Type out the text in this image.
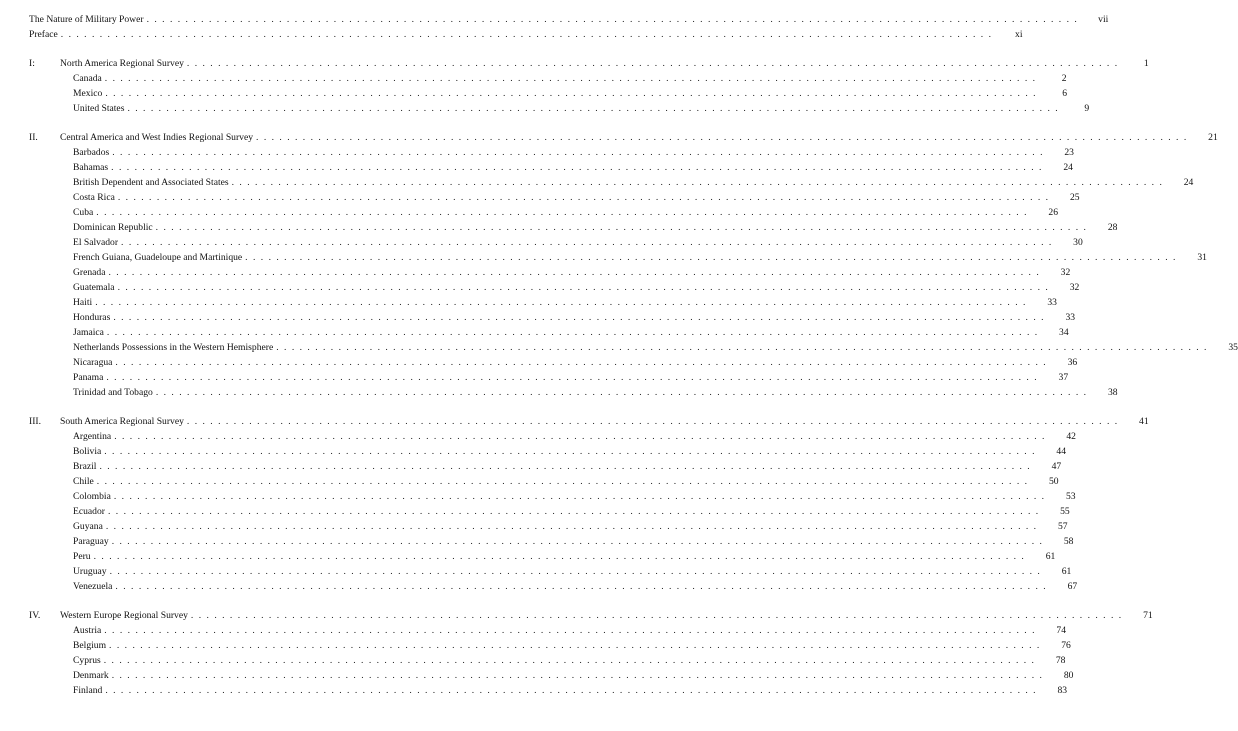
The Nature of Military Power . . . . . . . . . . . . . . . . . . . . . . . . . . . . . . . . . . . . . . . . . . . . . . . . . . . . . . . . . . . . . . . . . . . . . . . . . . . . . . . . . . . . . . . . . . . . . . . . . . . . . . . . . . . . . . . . . . . . . . . .	vii
Preface . . . . . . . . . . . . . . . . . . . . . . . . . . . . . . . . . . . . . . . . . . . . . . . . . . . . . . . . . . . . . . . . . . . . . . . . . . . . . . . . . . . . . . . . . . . . . . . . . . . . . . . . . . . . . . . . . . . . . . . .	xi
I:	North America Regional Survey . . . . . . . . . . . . . . . . . . . . . . . . . . . . . . . . . . . . . . . . . . . . . . . . . . . . . . . . . . . . . . . . . . . . . . . . . . . . . . . . . . . . . . . . . . . . . . . . . . . . . . . . . . . . . . . . . . . . . . . .	1
Canada . . . . . . . . . . . . . . . . . . . . . . . . . . . . . . . . . . . . . . . . . . . . . . . . . . . . . . . . . . . . . . . . . . . . . . . . . . . . . . . . . . . . . . . . . . . . . . . . . . . . . . . . . . . . . . . . . . . . . . . .	2
Mexico . . . . . . . . . . . . . . . . . . . . . . . . . . . . . . . . . . . . . . . . . . . . . . . . . . . . . . . . . . . . . . . . . . . . . . . . . . . . . . . . . . . . . . . . . . . . . . . . . . . . . . . . . . . . . . . . . . . . . . . .	6
United States . . . . . . . . . . . . . . . . . . . . . . . . . . . . . . . . . . . . . . . . . . . . . . . . . . . . . . . . . . . . . . . . . . . . . . . . . . . . . . . . . . . . . . . . . . . . . . . . . . . . . . . . . . . . . . . . . . . . . . . .	9
II.	Central America and West Indies Regional Survey . . . . . . . . . . . . . . . . . . . . . . . . . . . . . . . . . . . . . . . . . . . . . . . . . . . . . . . . . . . . . . . . . . . . . . . . . . . . . . . . . . . . . . . . . . . . . . . . . . . . . . . . . . . . . . . . . . . . . . . .	21
Barbados . . . . . . . . . . . . . . . . . . . . . . . . . . . . . . . . . . . . . . . . . . . . . . . . . . . . . . . . . . . . . . . . . . . . . . . . . . . . . . . . . . . . . . . . . . . . . . . . . . . . . . . . . . . . . . . . . . . . . . . .	23
Bahamas . . . . . . . . . . . . . . . . . . . . . . . . . . . . . . . . . . . . . . . . . . . . . . . . . . . . . . . . . . . . . . . . . . . . . . . . . . . . . . . . . . . . . . . . . . . . . . . . . . . . . . . . . . . . . . . . . . . . . . . .	24
British Dependent and Associated States . . . . . . . . . . . . . . . . . . . . . . . . . . . . . . . . . . . . . . . . . . . . . . . . . . . . . . . . . . . . . . . . . . . . . . . . . . . . . . . . . . . . . . . . . . . . . . . . . . . . . . . . . . . . . . . . . . . . . . . .	24
Costa Rica . . . . . . . . . . . . . . . . . . . . . . . . . . . . . . . . . . . . . . . . . . . . . . . . . . . . . . . . . . . . . . . . . . . . . . . . . . . . . . . . . . . . . . . . . . . . . . . . . . . . . . . . . . . . . . . . . . . . . . . .	25
Cuba . . . . . . . . . . . . . . . . . . . . . . . . . . . . . . . . . . . . . . . . . . . . . . . . . . . . . . . . . . . . . . . . . . . . . . . . . . . . . . . . . . . . . . . . . . . . . . . . . . . . . . . . . . . . . . . . . . . . . . . .	26
Dominican Republic . . . . . . . . . . . . . . . . . . . . . . . . . . . . . . . . . . . . . . . . . . . . . . . . . . . . . . . . . . . . . . . . . . . . . . . . . . . . . . . . . . . . . . . . . . . . . . . . . . . . . . . . . . . . . . . . . . . . . . . .	28
El Salvador . . . . . . . . . . . . . . . . . . . . . . . . . . . . . . . . . . . . . . . . . . . . . . . . . . . . . . . . . . . . . . . . . . . . . . . . . . . . . . . . . . . . . . . . . . . . . . . . . . . . . . . . . . . . . . . . . . . . . . . .	30
French Guiana, Guadeloupe and Martinique . . . . . . . . . . . . . . . . . . . . . . . . . . . . . . . . . . . . . . . . . . . . . . . . . . . . . . . . . . . . . . . . . . . . . . . . . . . . . . . . . . . . . . . . . . . . . . . . . . . . . . . . . . . . . . . . . . . . . . . .	31
Grenada . . . . . . . . . . . . . . . . . . . . . . . . . . . . . . . . . . . . . . . . . . . . . . . . . . . . . . . . . . . . . . . . . . . . . . . . . . . . . . . . . . . . . . . . . . . . . . . . . . . . . . . . . . . . . . . . . . . . . . . .	32
Guatemala . . . . . . . . . . . . . . . . . . . . . . . . . . . . . . . . . . . . . . . . . . . . . . . . . . . . . . . . . . . . . . . . . . . . . . . . . . . . . . . . . . . . . . . . . . . . . . . . . . . . . . . . . . . . . . . . . . . . . . . .	32
Haiti . . . . . . . . . . . . . . . . . . . . . . . . . . . . . . . . . . . . . . . . . . . . . . . . . . . . . . . . . . . . . . . . . . . . . . . . . . . . . . . . . . . . . . . . . . . . . . . . . . . . . . . . . . . . . . . . . . . . . . . .	33
Honduras . . . . . . . . . . . . . . . . . . . . . . . . . . . . . . . . . . . . . . . . . . . . . . . . . . . . . . . . . . . . . . . . . . . . . . . . . . . . . . . . . . . . . . . . . . . . . . . . . . . . . . . . . . . . . . . . . . . . . . . .	33
Jamaica . . . . . . . . . . . . . . . . . . . . . . . . . . . . . . . . . . . . . . . . . . . . . . . . . . . . . . . . . . . . . . . . . . . . . . . . . . . . . . . . . . . . . . . . . . . . . . . . . . . . . . . . . . . . . . . . . . . . . . . .	34
Netherlands Possessions in the Western Hemisphere . . . . . . . . . . . . . . . . . . . . . . . . . . . . . . . . . . . . . . . . . . . . . . . . . . . . . . . . . . . . . . . . . . . . . . . . . . . . . . . . . . . . . . . . . . . . . . . . . . . . . . . . . . . . . . . . . . . . . . . .	35
Nicaragua . . . . . . . . . . . . . . . . . . . . . . . . . . . . . . . . . . . . . . . . . . . . . . . . . . . . . . . . . . . . . . . . . . . . . . . . . . . . . . . . . . . . . . . . . . . . . . . . . . . . . . . . . . . . . . . . . . . . . . . .	36
Panama . . . . . . . . . . . . . . . . . . . . . . . . . . . . . . . . . . . . . . . . . . . . . . . . . . . . . . . . . . . . . . . . . . . . . . . . . . . . . . . . . . . . . . . . . . . . . . . . . . . . . . . . . . . . . . . . . . . . . . . .	37
Trinidad and Tobago . . . . . . . . . . . . . . . . . . . . . . . . . . . . . . . . . . . . . . . . . . . . . . . . . . . . . . . . . . . . . . . . . . . . . . . . . . . . . . . . . . . . . . . . . . . . . . . . . . . . . . . . . . . . . . . . . . . . . . . .	38
III.	South America Regional Survey . . . . . . . . . . . . . . . . . . . . . . . . . . . . . . . . . . . . . . . . . . . . . . . . . . . . . . . . . . . . . . . . . . . . . . . . . . . . . . . . . . . . . . . . . . . . . . . . . . . . . . . . . . . . . . . . . . . . . . . .	41
Argentina . . . . . . . . . . . . . . . . . . . . . . . . . . . . . . . . . . . . . . . . . . . . . . . . . . . . . . . . . . . . . . . . . . . . . . . . . . . . . . . . . . . . . . . . . . . . . . . . . . . . . . . . . . . . . . . . . . . . . . . .	42
Bolivia . . . . . . . . . . . . . . . . . . . . . . . . . . . . . . . . . . . . . . . . . . . . . . . . . . . . . . . . . . . . . . . . . . . . . . . . . . . . . . . . . . . . . . . . . . . . . . . . . . . . . . . . . . . . . . . . . . . . . . . .	44
Brazil . . . . . . . . . . . . . . . . . . . . . . . . . . . . . . . . . . . . . . . . . . . . . . . . . . . . . . . . . . . . . . . . . . . . . . . . . . . . . . . . . . . . . . . . . . . . . . . . . . . . . . . . . . . . . . . . . . . . . . . .	47
Chile . . . . . . . . . . . . . . . . . . . . . . . . . . . . . . . . . . . . . . . . . . . . . . . . . . . . . . . . . . . . . . . . . . . . . . . . . . . . . . . . . . . . . . . . . . . . . . . . . . . . . . . . . . . . . . . . . . . . . . . .	50
Colombia . . . . . . . . . . . . . . . . . . . . . . . . . . . . . . . . . . . . . . . . . . . . . . . . . . . . . . . . . . . . . . . . . . . . . . . . . . . . . . . . . . . . . . . . . . . . . . . . . . . . . . . . . . . . . . . . . . . . . . . .	53
Ecuador . . . . . . . . . . . . . . . . . . . . . . . . . . . . . . . . . . . . . . . . . . . . . . . . . . . . . . . . . . . . . . . . . . . . . . . . . . . . . . . . . . . . . . . . . . . . . . . . . . . . . . . . . . . . . . . . . . . . . . . .	55
Guyana . . . . . . . . . . . . . . . . . . . . . . . . . . . . . . . . . . . . . . . . . . . . . . . . . . . . . . . . . . . . . . . . . . . . . . . . . . . . . . . . . . . . . . . . . . . . . . . . . . . . . . . . . . . . . . . . . . . . . . . .	57
Paraguay . . . . . . . . . . . . . . . . . . . . . . . . . . . . . . . . . . . . . . . . . . . . . . . . . . . . . . . . . . . . . . . . . . . . . . . . . . . . . . . . . . . . . . . . . . . . . . . . . . . . . . . . . . . . . . . . . . . . . . . .	58
Peru . . . . . . . . . . . . . . . . . . . . . . . . . . . . . . . . . . . . . . . . . . . . . . . . . . . . . . . . . . . . . . . . . . . . . . . . . . . . . . . . . . . . . . . . . . . . . . . . . . . . . . . . . . . . . . . . . . . . . . . .	61
Uruguay . . . . . . . . . . . . . . . . . . . . . . . . . . . . . . . . . . . . . . . . . . . . . . . . . . . . . . . . . . . . . . . . . . . . . . . . . . . . . . . . . . . . . . . . . . . . . . . . . . . . . . . . . . . . . . . . . . . . . . . .	61
Venezuela . . . . . . . . . . . . . . . . . . . . . . . . . . . . . . . . . . . . . . . . . . . . . . . . . . . . . . . . . . . . . . . . . . . . . . . . . . . . . . . . . . . . . . . . . . . . . . . . . . . . . . . . . . . . . . . . . . . . . . . .	67
IV.	Western Europe Regional Survey . . . . . . . . . . . . . . . . . . . . . . . . . . . . . . . . . . . . . . . . . . . . . . . . . . . . . . . . . . . . . . . . . . . . . . . . . . . . . . . . . . . . . . . . . . . . . . . . . . . . . . . . . . . . . . . . . . . . . . . .	71
Austria . . . . . . . . . . . . . . . . . . . . . . . . . . . . . . . . . . . . . . . . . . . . . . . . . . . . . . . . . . . . . . . . . . . . . . . . . . . . . . . . . . . . . . . . . . . . . . . . . . . . . . . . . . . . . . . . . . . . . . . .	74
Belgium . . . . . . . . . . . . . . . . . . . . . . . . . . . . . . . . . . . . . . . . . . . . . . . . . . . . . . . . . . . . . . . . . . . . . . . . . . . . . . . . . . . . . . . . . . . . . . . . . . . . . . . . . . . . . . . . . . . . . . . .	76
Cyprus . . . . . . . . . . . . . . . . . . . . . . . . . . . . . . . . . . . . . . . . . . . . . . . . . . . . . . . . . . . . . . . . . . . . . . . . . . . . . . . . . . . . . . . . . . . . . . . . . . . . . . . . . . . . . . . . . . . . . . . .	78
Denmark . . . . . . . . . . . . . . . . . . . . . . . . . . . . . . . . . . . . . . . . . . . . . . . . . . . . . . . . . . . . . . . . . . . . . . . . . . . . . . . . . . . . . . . . . . . . . . . . . . . . . . . . . . . . . . . . . . . . . . . .	80
Finland . . . . . . . . . . . . . . . . . . . . . . . . . . . . . . . . . . . . . . . . . . . . . . . . . . . . . . . . . . . . . . . . . . . . . . . . . . . . . . . . . . . . . . . . . . . . . . . . . . . . . . . . . . . . . . . . . . . . . . . .	83
